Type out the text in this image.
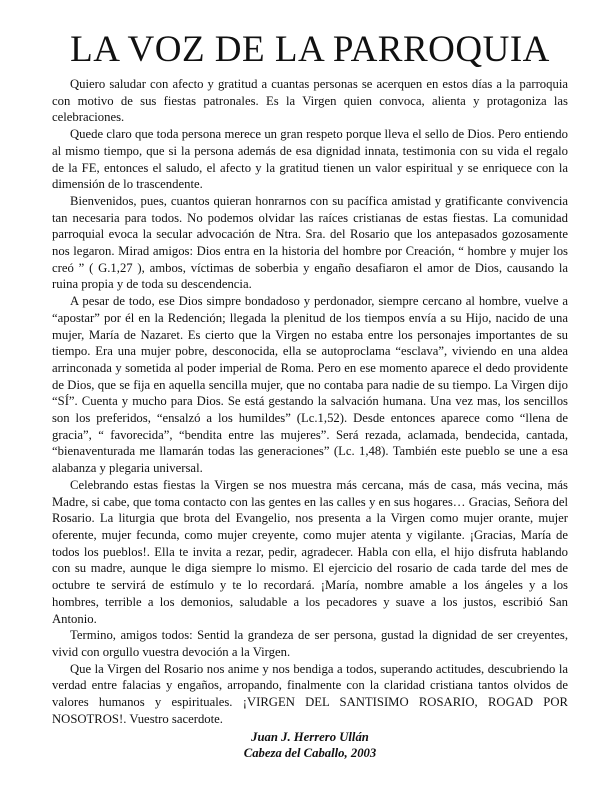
LA VOZ DE LA PARROQUIA

Quiero saludar con afecto y gratitud a cuantas personas se acerquen en estos días a la parroquia con motivo de sus fiestas patronales. Es la Virgen quien convoca, alienta y protagoniza las celebraciones.

Quede claro que toda persona merece un gran respeto porque lleva el sello de Dios. Pero entiendo al mismo tiempo, que si la persona además de esa dignidad innata, testimonia con su vida el regalo de la FE, entonces el saludo, el afecto y la gratitud tienen un valor espiritual y se enriquece con la dimensión de lo trascendente.

Bienvenidos, pues, cuantos quieran honrarnos con su pacífica amistad y gratificante convivencia tan necesaria para todos. No podemos olvidar las raíces cristianas de estas fiestas. La comunidad parroquial evoca la secular advocación de Ntra. Sra. del Rosario que los antepasados gozosamente nos legaron. Mirad amigos: Dios entra en la historia del hombre por Creación, “ hombre y mujer los creó ” ( G.1,27 ), ambos, víctimas de soberbia y engaño desafiaron el amor de Dios, causando la ruina propia y de toda su descendencia.

A pesar de todo, ese Dios simpre bondadoso y perdonador, siempre cercano al hombre, vuelve a “apostar” por él en la Redención; llegada la plenitud de los tiempos envía a su Hijo, nacido de una mujer, María de Nazaret. Es cierto que la Virgen no estaba entre los personajes importantes de su tiempo. Era una mujer pobre, desconocida, ella se autoproclama “esclava”, viviendo en una aldea arrinconada y sometida al poder imperial de Roma. Pero en ese momento aparece el dedo providente de Dios, que se fija en aquella sencilla mujer, que no contaba para nadie de su tiempo. La Virgen dijo “SÍ”. Cuenta y mucho para Dios. Se está gestando la salvación humana. Una vez mas, los sencillos son los preferidos, “ensalzó a los humildes” (Lc.1,52). Desde entonces aparece como “llena de gracia”, “ favorecida”, “bendita entre las mujeres”. Será rezada, aclamada, bendecida, cantada, “bienaventurada me llamarán todas las generaciones” (Lc. 1,48). También este pueblo se une a esa alabanza y plegaria universal.

Celebrando estas fiestas la Virgen se nos muestra más cercana, más de casa, más vecina, más Madre, si cabe, que toma contacto con las gentes en las calles y en sus hogares… Gracias, Señora del Rosario. La liturgia que brota del Evangelio, nos presenta a la Virgen como mujer orante, mujer oferente, mujer fecunda, como mujer creyente, como mujer atenta y vigilante. ¡Gracias, María de todos los pueblos!. Ella te invita a rezar, pedir, agradecer. Habla con ella, el hijo disfruta hablando con su madre, aunque le diga siempre lo mismo. El ejercicio del rosario de cada tarde del mes de octubre te servirá de estímulo y te lo recordará. ¡María, nombre amable a los ángeles y a los hombres, terrible a los demonios, saludable a los pecadores y suave a los justos, escribió San Antonio.

Termino, amigos todos: Sentid la grandeza de ser persona, gustad la dignidad de ser creyentes, vivid con orgullo vuestra devoción a la Virgen.

Que la Virgen del Rosario nos anime y nos bendiga a todos, superando actitudes, descubriendo la verdad entre falacias y engaños, arropando, finalmente con la claridad cristiana tantos olvidos de valores humanos y espirituales. ¡VIRGEN DEL SANTISIMO ROSARIO, ROGAD POR NOSOTROS!. Vuestro sacerdote.

Juan J. Herrero Ullán
Cabeza del Caballo, 2003
